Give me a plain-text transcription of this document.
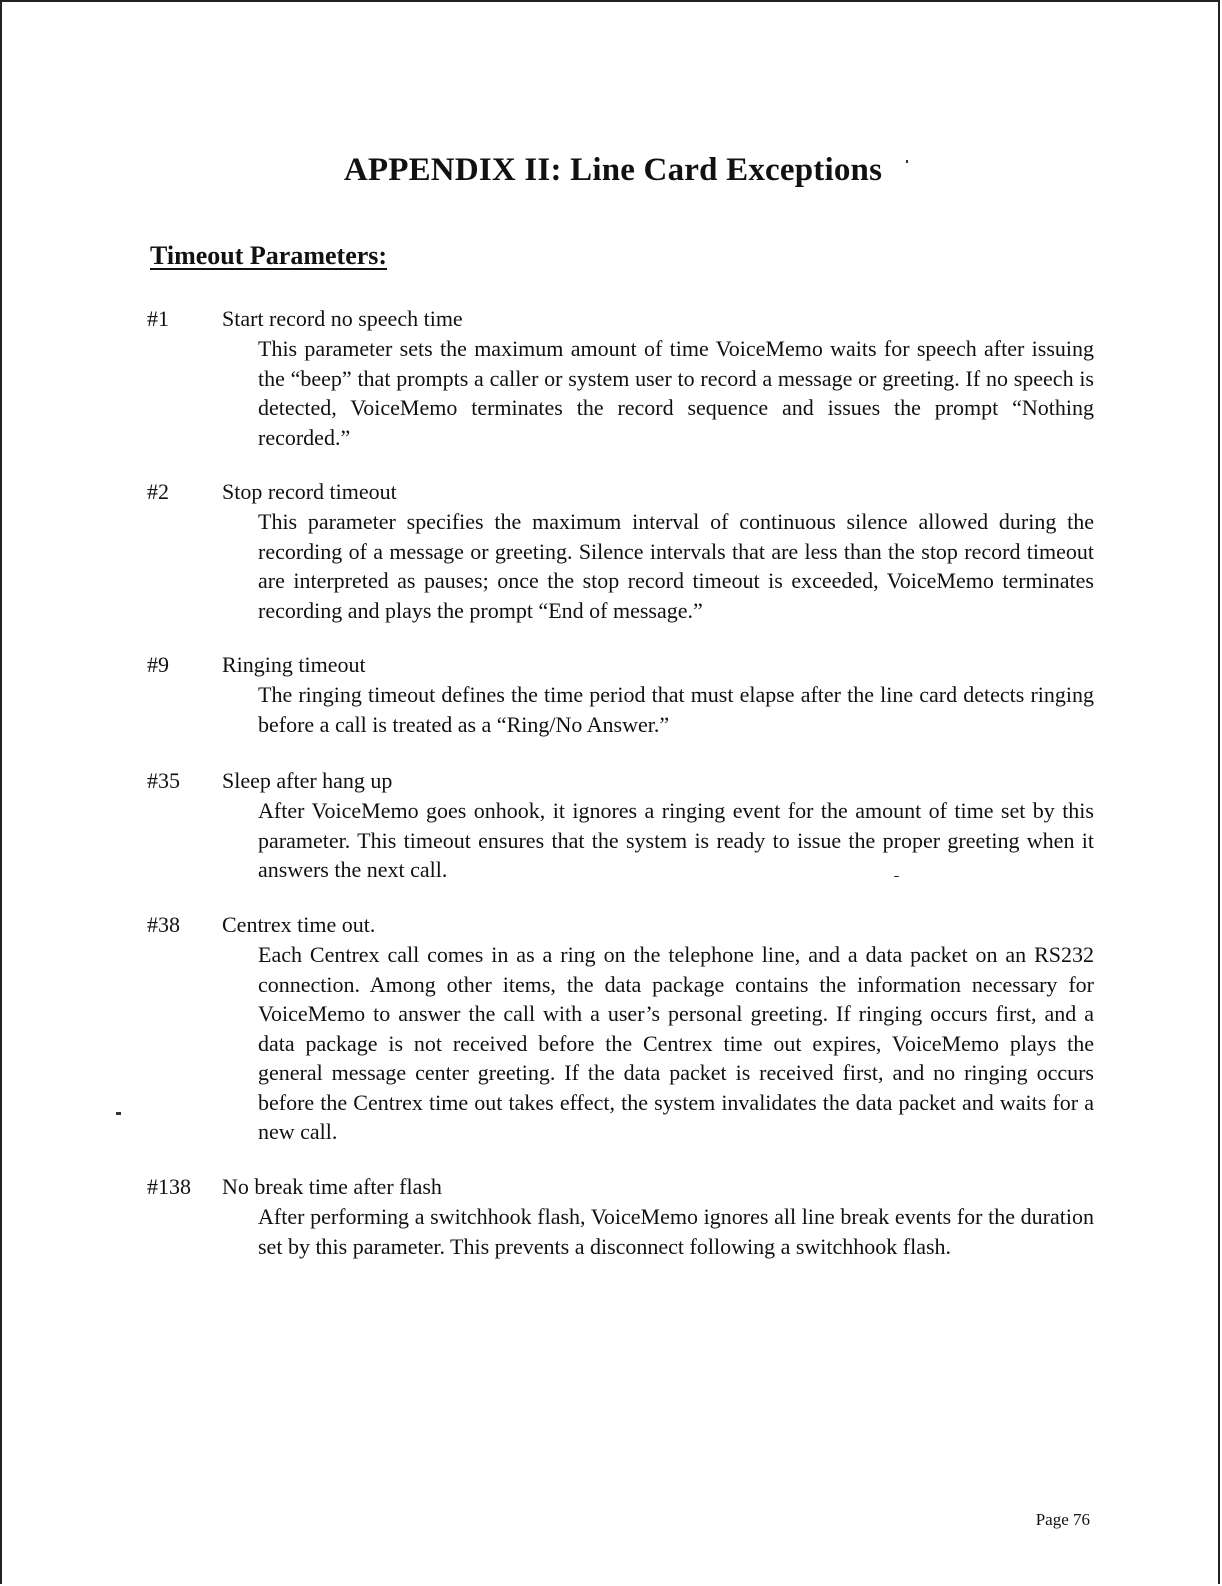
APPENDIX II: Line Card Exceptions
Timeout Parameters:
#1 Start record no speech time

This parameter sets the maximum amount of time VoiceMemo waits for speech after issuing the “beep” that prompts a caller or system user to record a message or greeting. If no speech is detected, VoiceMemo terminates the record sequence and issues the prompt “Nothing recorded.”

#2 Stop record timeout

This parameter specifies the maximum interval of continuous silence allowed during the recording of a message or greeting. Silence intervals that are less than the stop record timeout are interpreted as pauses; once the stop record timeout is exceeded, VoiceMemo terminates recording and plays the prompt “End of message.”

#9 Ringing timeout

The ringing timeout defines the time period that must elapse after the line card detects ringing before a call is treated as a “Ring/No Answer.”

#35 Sleep after hang up

After VoiceMemo goes onhook, it ignores a ringing event for the amount of time set by this parameter. This timeout ensures that the system is ready to issue the proper greeting when it answers the next call.

#38 Centrex time out.

Each Centrex call comes in as a ring on the telephone line, and a data packet on an RS232 connection. Among other items, the data package contains the information necessary for VoiceMemo to answer the call with a user’s personal greeting. If ringing occurs first, and a data package is not received before the Centrex time out expires, VoiceMemo plays the general message center greeting. If the data packet is received first, and no ringing occurs before the Centrex time out takes effect, the system invalidates the data packet and waits for a new call.

#138 No break time after flash

After performing a switchhook flash, VoiceMemo ignores all line break events for the duration set by this parameter. This prevents a disconnect following a switchhook flash.

Page 76
